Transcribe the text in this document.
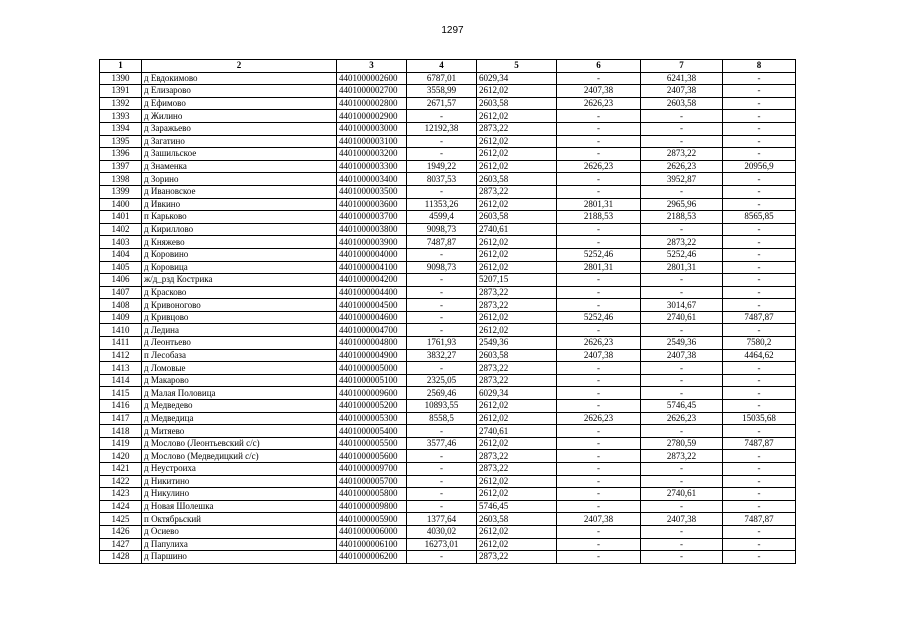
1297
1	2	3	4	5	6	7	8
1390	д Евдокимово	4401000002600	6787,01	6029,34	-	6241,38	-
1391	д Елизарово	4401000002700	3558,99	2612,02	2407,38	2407,38	-
1392	д Ефимово	4401000002800	2671,57	2603,58	2626,23	2603,58	-
1393	д Жилино	4401000002900	-	2612,02	-	-	-
1394	д Заражьево	4401000003000	12192,38	2873,22	-	-	-
1395	д Загатино	4401000003100	-	2612,02	-	-	-
1396	д Зашильское	4401000003200	-	2612,02	-	2873,22	-
1397	д Знаменка	4401000003300	1949,22	2612,02	2626,23	2626,23	20956,9
1398	д Зорино	4401000003400	8037,53	2603,58	-	3952,87	-
1399	д Ивановское	4401000003500	-	2873,22	-	-	-
1400	д Ивкино	4401000003600	11353,26	2612,02	2801,31	2965,96	-
1401	п Карьково	4401000003700	4599,4	2603,58	2188,53	2188,53	8565,85
1402	д Кириллово	4401000003800	9098,73	2740,61	-	-	-
1403	д Княжево	4401000003900	7487,87	2612,02	-	2873,22	-
1404	д Коровино	4401000004000	-	2612,02	5252,46	5252,46	-
1405	д Коровица	4401000004100	9098,73	2612,02	2801,31	2801,31	-
1406	ж/д_рзд Кострика	4401000004200	-	5207,15	-	-	-
1407	д Красково	4401000004400	-	2873,22	-	-	-
1408	д Кривоногово	4401000004500	-	2873,22	-	3014,67	-
1409	д Кривцово	4401000004600	-	2612,02	5252,46	2740,61	7487,87
1410	д Ледина	4401000004700	-	2612,02	-	-	-
1411	д Леонтьево	4401000004800	1761,93	2549,36	2626,23	2549,36	7580,2
1412	п Лесобаза	4401000004900	3832,27	2603,58	2407,38	2407,38	4464,62
1413	д Ломовые	4401000005000	-	2873,22	-	-	-
1414	д Макарово	4401000005100	2325,05	2873,22	-	-	-
1415	д Малая Половица	4401000009600	2569,46	6029,34	-	-	-
1416	д Медведево	4401000005200	10893,55	2612,02	-	5746,45	-
1417	д Медведица	4401000005300	8558,5	2612,02	2626,23	2626,23	15035,68
1418	д Митяево	4401000005400	-	2740,61	-	-	-
1419	д Мослово (Леонтьевский с/с)	4401000005500	3577,46	2612,02	-	2780,59	7487,87
1420	д Мослово (Медведицкий с/с)	4401000005600	-	2873,22	-	2873,22	-
1421	д Неустроиха	4401000009700	-	2873,22	-	-	-
1422	д Никитино	4401000005700	-	2612,02	-	-	-
1423	д Никулино	4401000005800	-	2612,02	-	2740,61	-
1424	д Новая Шолешка	4401000009800	-	5746,45	-	-	-
1425	п Октябрьский	4401000005900	1377,64	2603,58	2407,38	2407,38	7487,87
1426	д Осиево	4401000006000	4030,02	2612,02	-	-	-
1427	д Папулиха	4401000006100	16273,01	2612,02	-	-	-
1428	д Паршино	4401000006200	-	2873,22	-	-	-
